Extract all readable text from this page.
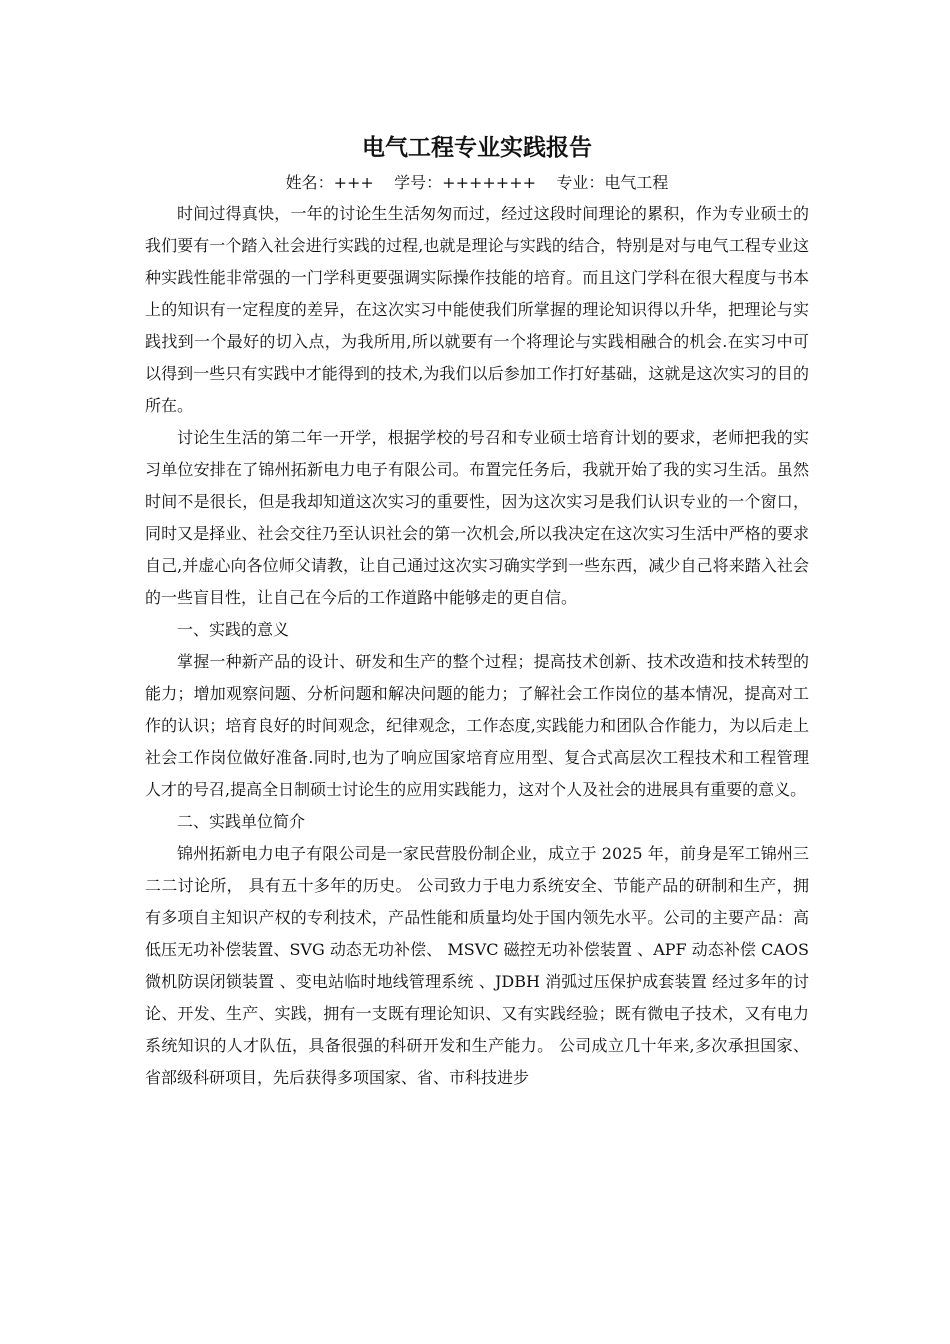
电气工程专业实践报告

姓名：+++    学号：+++++++    专业：电气工程

时间过得真快，一年的讨论生生活匆匆而过，经过这段时间理论的累积，作为专业硕士的我们要有一个踏入社会进行实践的过程,也就是理论与实践的结合，特别是对与电气工程专业这种实践性能非常强的一门学科更要强调实际操作技能的培育。而且这门学科在很大程度与书本上的知识有一定程度的差异，在这次实习中能使我们所掌握的理论知识得以升华，把理论与实践找到一个最好的切入点，为我所用,所以就要有一个将理论与实践相融合的机会.在实习中可以得到一些只有实践中才能得到的技术,为我们以后参加工作打好基础，这就是这次实习的目的所在。

讨论生生活的第二年一开学，根据学校的号召和专业硕士培育计划的要求，老师把我的实习单位安排在了锦州拓新电力电子有限公司。布置完任务后，我就开始了我的实习生活。虽然时间不是很长，但是我却知道这次实习的重要性，因为这次实习是我们认识专业的一个窗口，同时又是择业、社会交往乃至认识社会的第一次机会,所以我决定在这次实习生活中严格的要求自己,并虚心向各位师父请教，让自己通过这次实习确实学到一些东西，减少自己将来踏入社会的一些盲目性，让自己在今后的工作道路中能够走的更自信。

一、实践的意义

掌握一种新产品的设计、研发和生产的整个过程；提高技术创新、技术改造和技术转型的能力；增加观察问题、分析问题和解决问题的能力；了解社会工作岗位的基本情况，提高对工作的认识；培育良好的时间观念，纪律观念，工作态度,实践能力和团队合作能力，为以后走上社会工作岗位做好准备.同时,也为了响应国家培育应用型、复合式高层次工程技术和工程管理人才的号召,提高全日制硕士讨论生的应用实践能力，这对个人及社会的进展具有重要的意义。

二、实践单位简介

锦州拓新电力电子有限公司是一家民营股份制企业，成立于 2025 年，前身是军工锦州三二二讨论所， 具有五十多年的历史。 公司致力于电力系统安全、节能产品的研制和生产，拥有多项自主知识产权的专利技术，产品性能和质量均处于国内领先水平。公司的主要产品：高低压无功补偿装置、SVG 动态无功补偿、 MSVC 磁控无功补偿装置 、APF 动态补偿 CAOS 微机防误闭锁装置 、变电站临时地线管理系统 、JDBH 消弧过压保护成套装置 经过多年的讨论、开发、生产、实践，拥有一支既有理论知识、又有实践经验；既有微电子技术，又有电力系统知识的人才队伍，具备很强的科研开发和生产能力。 公司成立几十年来,多次承担国家、省部级科研项目，先后获得多项国家、省、市科技进步
